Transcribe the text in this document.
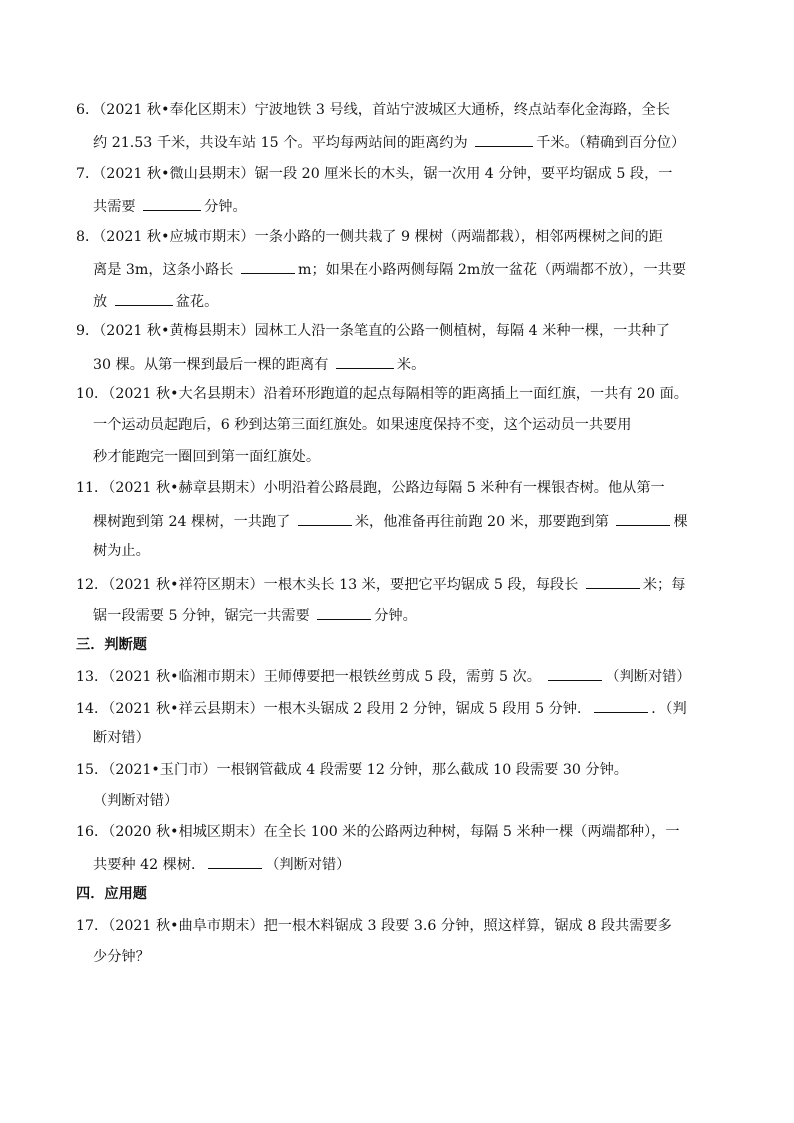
6．（2021 秋•奉化区期末）宁波地铁 3 号线，首站宁波城区大通桥，终点站奉化金海路，全长
约 21.53 千米，共设车站 15 个。平均每两站间的距离约为	千米。（精确到百分位）
7．（2021 秋•微山县期末）锯一段 20 厘米长的木头，锯一次用 4 分钟，要平均锯成 5 段，一
共需要	分钟。
8．（2021 秋•应城市期末）一条小路的一侧共栽了 9 棵树（两端都栽），相邻两棵树之间的距
离是 3m，这条小路长	m；如果在小路两侧每隔 2m放一盆花（两端都不放），一共要
放	盆花。
9．（2021 秋•黄梅县期末）园林工人沿一条笔直的公路一侧植树，每隔 4 米种一棵，一共种了
30 棵。从第一棵到最后一棵的距离有	米。
10．（2021 秋•大名县期末）沿着环形跑道的起点每隔相等的距离插上一面红旗，一共有 20 面。
一个运动员起跑后，6 秒到达第三面红旗处。如果速度保持不变，这个运动员一共要用
秒才能跑完一圈回到第一面红旗处。
11．（2021 秋•赫章县期末）小明沿着公路晨跑，公路边每隔 5 米种有一棵银杏树。他从第一
棵树跑到第 24 棵树，一共跑了	米，他准备再往前跑 20 米，那要跑到第	棵
树为止。
12．（2021 秋•祥符区期末）一根木头长 13 米，要把它平均锯成 5 段，每段长	米；每
锯一段需要 5 分钟，锯完一共需要	分钟。
三．判断题
13．（2021 秋•临湘市期末）王师傅要把一根铁丝剪成 5 段，需剪 5 次。	（判断对错）
14．（2021 秋•祥云县期末）一根木头锯成 2 段用 2 分钟，锯成 5 段用 5 分钟．	．（判
断对错）
15．（2021•玉门市）一根钢管截成 4 段需要 12 分钟，那么截成 10 段需要 30 分钟。
（判断对错）
16．（2020 秋•相城区期末）在全长 100 米的公路两边种树，每隔 5 米种一棵（两端都种），一
共要种 42 棵树．	（判断对错）
四．应用题
17．（2021 秋•曲阜市期末）把一根木料锯成 3 段要 3.6 分钟，照这样算，锯成 8 段共需要多
少分钟？
